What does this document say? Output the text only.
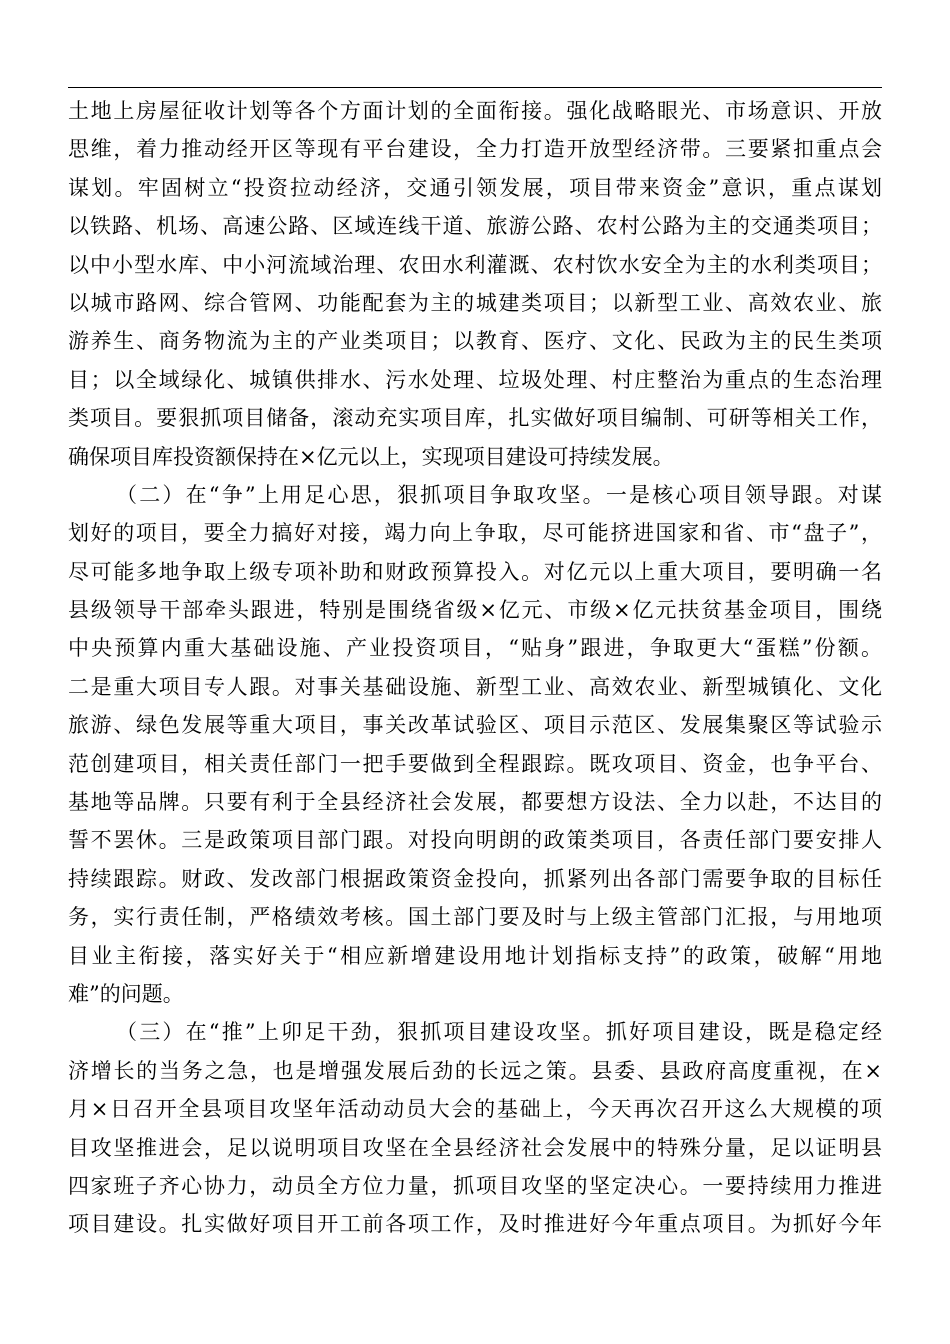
土地上房屋征收计划等各个方面计划的全面衔接。强化战略眼光、市场意识、开放
思维，着力推动经开区等现有平台建设，全力打造开放型经济带。三要紧扣重点会
谋划。牢固树立“投资拉动经济，交通引领发展，项目带来资金”意识，重点谋划
以铁路、机场、高速公路、区域连线干道、旅游公路、农村公路为主的交通类项目；
以中小型水库、中小河流域治理、农田水利灌溉、农村饮水安全为主的水利类项目；
以城市路网、综合管网、功能配套为主的城建类项目；以新型工业、高效农业、旅
游养生、商务物流为主的产业类项目；以教育、医疗、文化、民政为主的民生类项
目；以全域绿化、城镇供排水、污水处理、垃圾处理、村庄整治为重点的生态治理
类项目。要狠抓项目储备，滚动充实项目库，扎实做好项目编制、可研等相关工作，
确保项目库投资额保持在×亿元以上，实现项目建设可持续发展。
（二）在“争”上用足心思，狠抓项目争取攻坚。一是核心项目领导跟。对谋
划好的项目，要全力搞好对接，竭力向上争取，尽可能挤进国家和省、市“盘子”，
尽可能多地争取上级专项补助和财政预算投入。对亿元以上重大项目，要明确一名
县级领导干部牵头跟进，特别是围绕省级×亿元、市级×亿元扶贫基金项目，围绕
中央预算内重大基础设施、产业投资项目，“贴身”跟进，争取更大“蛋糕”份额。
二是重大项目专人跟。对事关基础设施、新型工业、高效农业、新型城镇化、文化
旅游、绿色发展等重大项目，事关改革试验区、项目示范区、发展集聚区等试验示
范创建项目，相关责任部门一把手要做到全程跟踪。既攻项目、资金，也争平台、
基地等品牌。只要有利于全县经济社会发展，都要想方设法、全力以赴，不达目的
誓不罢休。三是政策项目部门跟。对投向明朗的政策类项目，各责任部门要安排人
持续跟踪。财政、发改部门根据政策资金投向，抓紧列出各部门需要争取的目标任
务，实行责任制，严格绩效考核。国土部门要及时与上级主管部门汇报，与用地项
目业主衔接，落实好关于“相应新增建设用地计划指标支持”的政策，破解“用地
难”的问题。
（三）在“推”上卯足干劲，狠抓项目建设攻坚。抓好项目建设，既是稳定经
济增长的当务之急，也是增强发展后劲的长远之策。县委、县政府高度重视，在×
月×日召开全县项目攻坚年活动动员大会的基础上，今天再次召开这么大规模的项
目攻坚推进会，足以说明项目攻坚在全县经济社会发展中的特殊分量，足以证明县
四家班子齐心协力，动员全方位力量，抓项目攻坚的坚定决心。一要持续用力推进
项目建设。扎实做好项目开工前各项工作，及时推进好今年重点项目。为抓好今年
